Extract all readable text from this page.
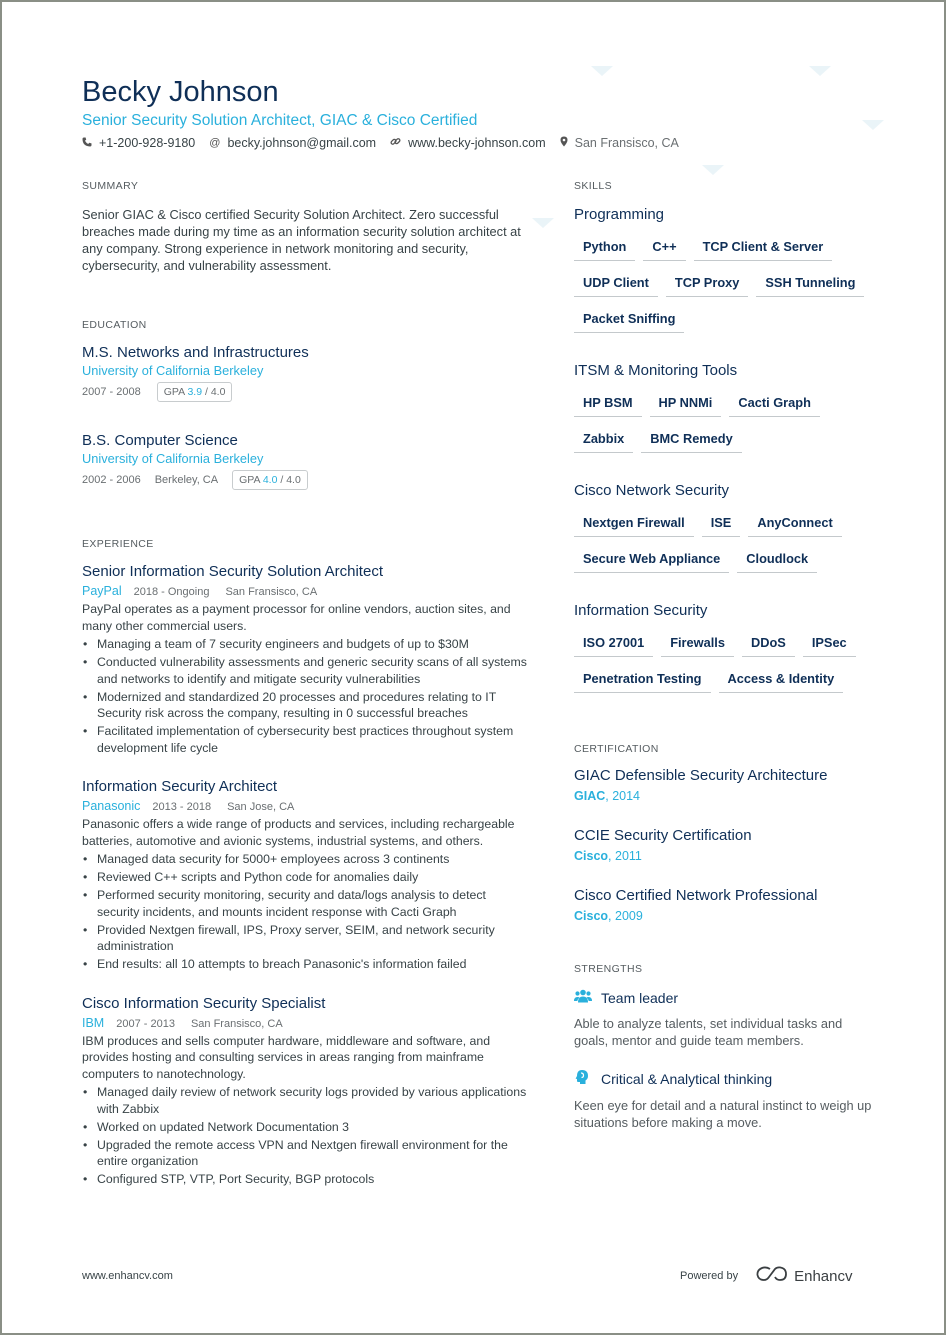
Becky Johnson
Senior Security Solution Architect, GIAC & Cisco Certified
+1-200-928-9180 @ becky.johnson@gmail.com	www.becky-johnson.com San Fransisco, CA
SUMMARY
Senior GIAC & Cisco certified Security Solution Architect. Zero successful breaches made during my time as an information security solution architect at any company. Strong experience in network monitoring and security, cybersecurity, and vulnerability assessment.
EDUCATION
M.S. Networks and Infrastructures
University of California Berkeley
2007 - 2008	GPA 3.9 / 4.0
B.S. Computer Science
University of California Berkeley
2002 - 2006 Berkeley, CA	GPA 4.0 / 4.0
EXPERIENCE
Senior Information Security Solution Architect
PayPal 2018 - Ongoing San Fransisco, CA
PayPal operates as a payment processor for online vendors, auction sites, and many other commercial users.
• Managing a team of 7 security engineers and budgets of up to $30M
• Conducted vulnerability assessments and generic security scans of all systems and networks to identify and mitigate security vulnerabilities
• Modernized and standardized 20 processes and procedures relating to IT Security risk across the company, resulting in 0 successful breaches
• Facilitated implementation of cybersecurity best practices throughout system development life cycle
Information Security Architect
Panasonic 2013 - 2018 San Jose, CA
Panasonic offers a wide range of products and services, including rechargeable batteries, automotive and avionic systems, industrial systems, and others.
• Managed data security for 5000+ employees across 3 continents
• Reviewed C++ scripts and Python code for anomalies daily
• Performed security monitoring, security and data/logs analysis to detect security incidents, and mounts incident response with Cacti Graph
• Provided Nextgen firewall, IPS, Proxy server, SEIM, and network security administration
• End results: all 10 attempts to breach Panasonic's information failed
Cisco Information Security Specialist
IBM 2007 - 2013 San Fransisco, CA
IBM produces and sells computer hardware, middleware and software, and provides hosting and consulting services in areas ranging from mainframe computers to nanotechnology.
• Managed daily review of network security logs provided by various applications with Zabbix
• Worked on updated Network Documentation 3
• Upgraded the remote access VPN and Nextgen firewall environment for the entire organization
• Configured STP, VTP, Port Security, BGP protocols
SKILLS
Programming
Python	C++	TCP Client & Server
UDP Client	TCP Proxy	SSH Tunneling
Packet Sniffing
ITSM & Monitoring Tools
HP BSM	HP NNMi	Cacti Graph
Zabbix	BMC Remedy
Cisco Network Security
Nextgen Firewall	ISE	AnyConnect
Secure Web Appliance	Cloudlock
Information Security
ISO 27001	Firewalls	DDoS	IPSec
Penetration Testing	Access & Identity
CERTIFICATION
GIAC Defensible Security Architecture
GIAC, 2014
CCIE Security Certification
Cisco, 2011
Cisco Certified Network Professional
Cisco, 2009
STRENGTHS
Team leader
Able to analyze talents, set individual tasks and goals, mentor and guide team members.
Critical & Analytical thinking
Keen eye for detail and a natural instinct to weigh up situations before making a move.
www.enhancv.com	Powered by	Enhancv
